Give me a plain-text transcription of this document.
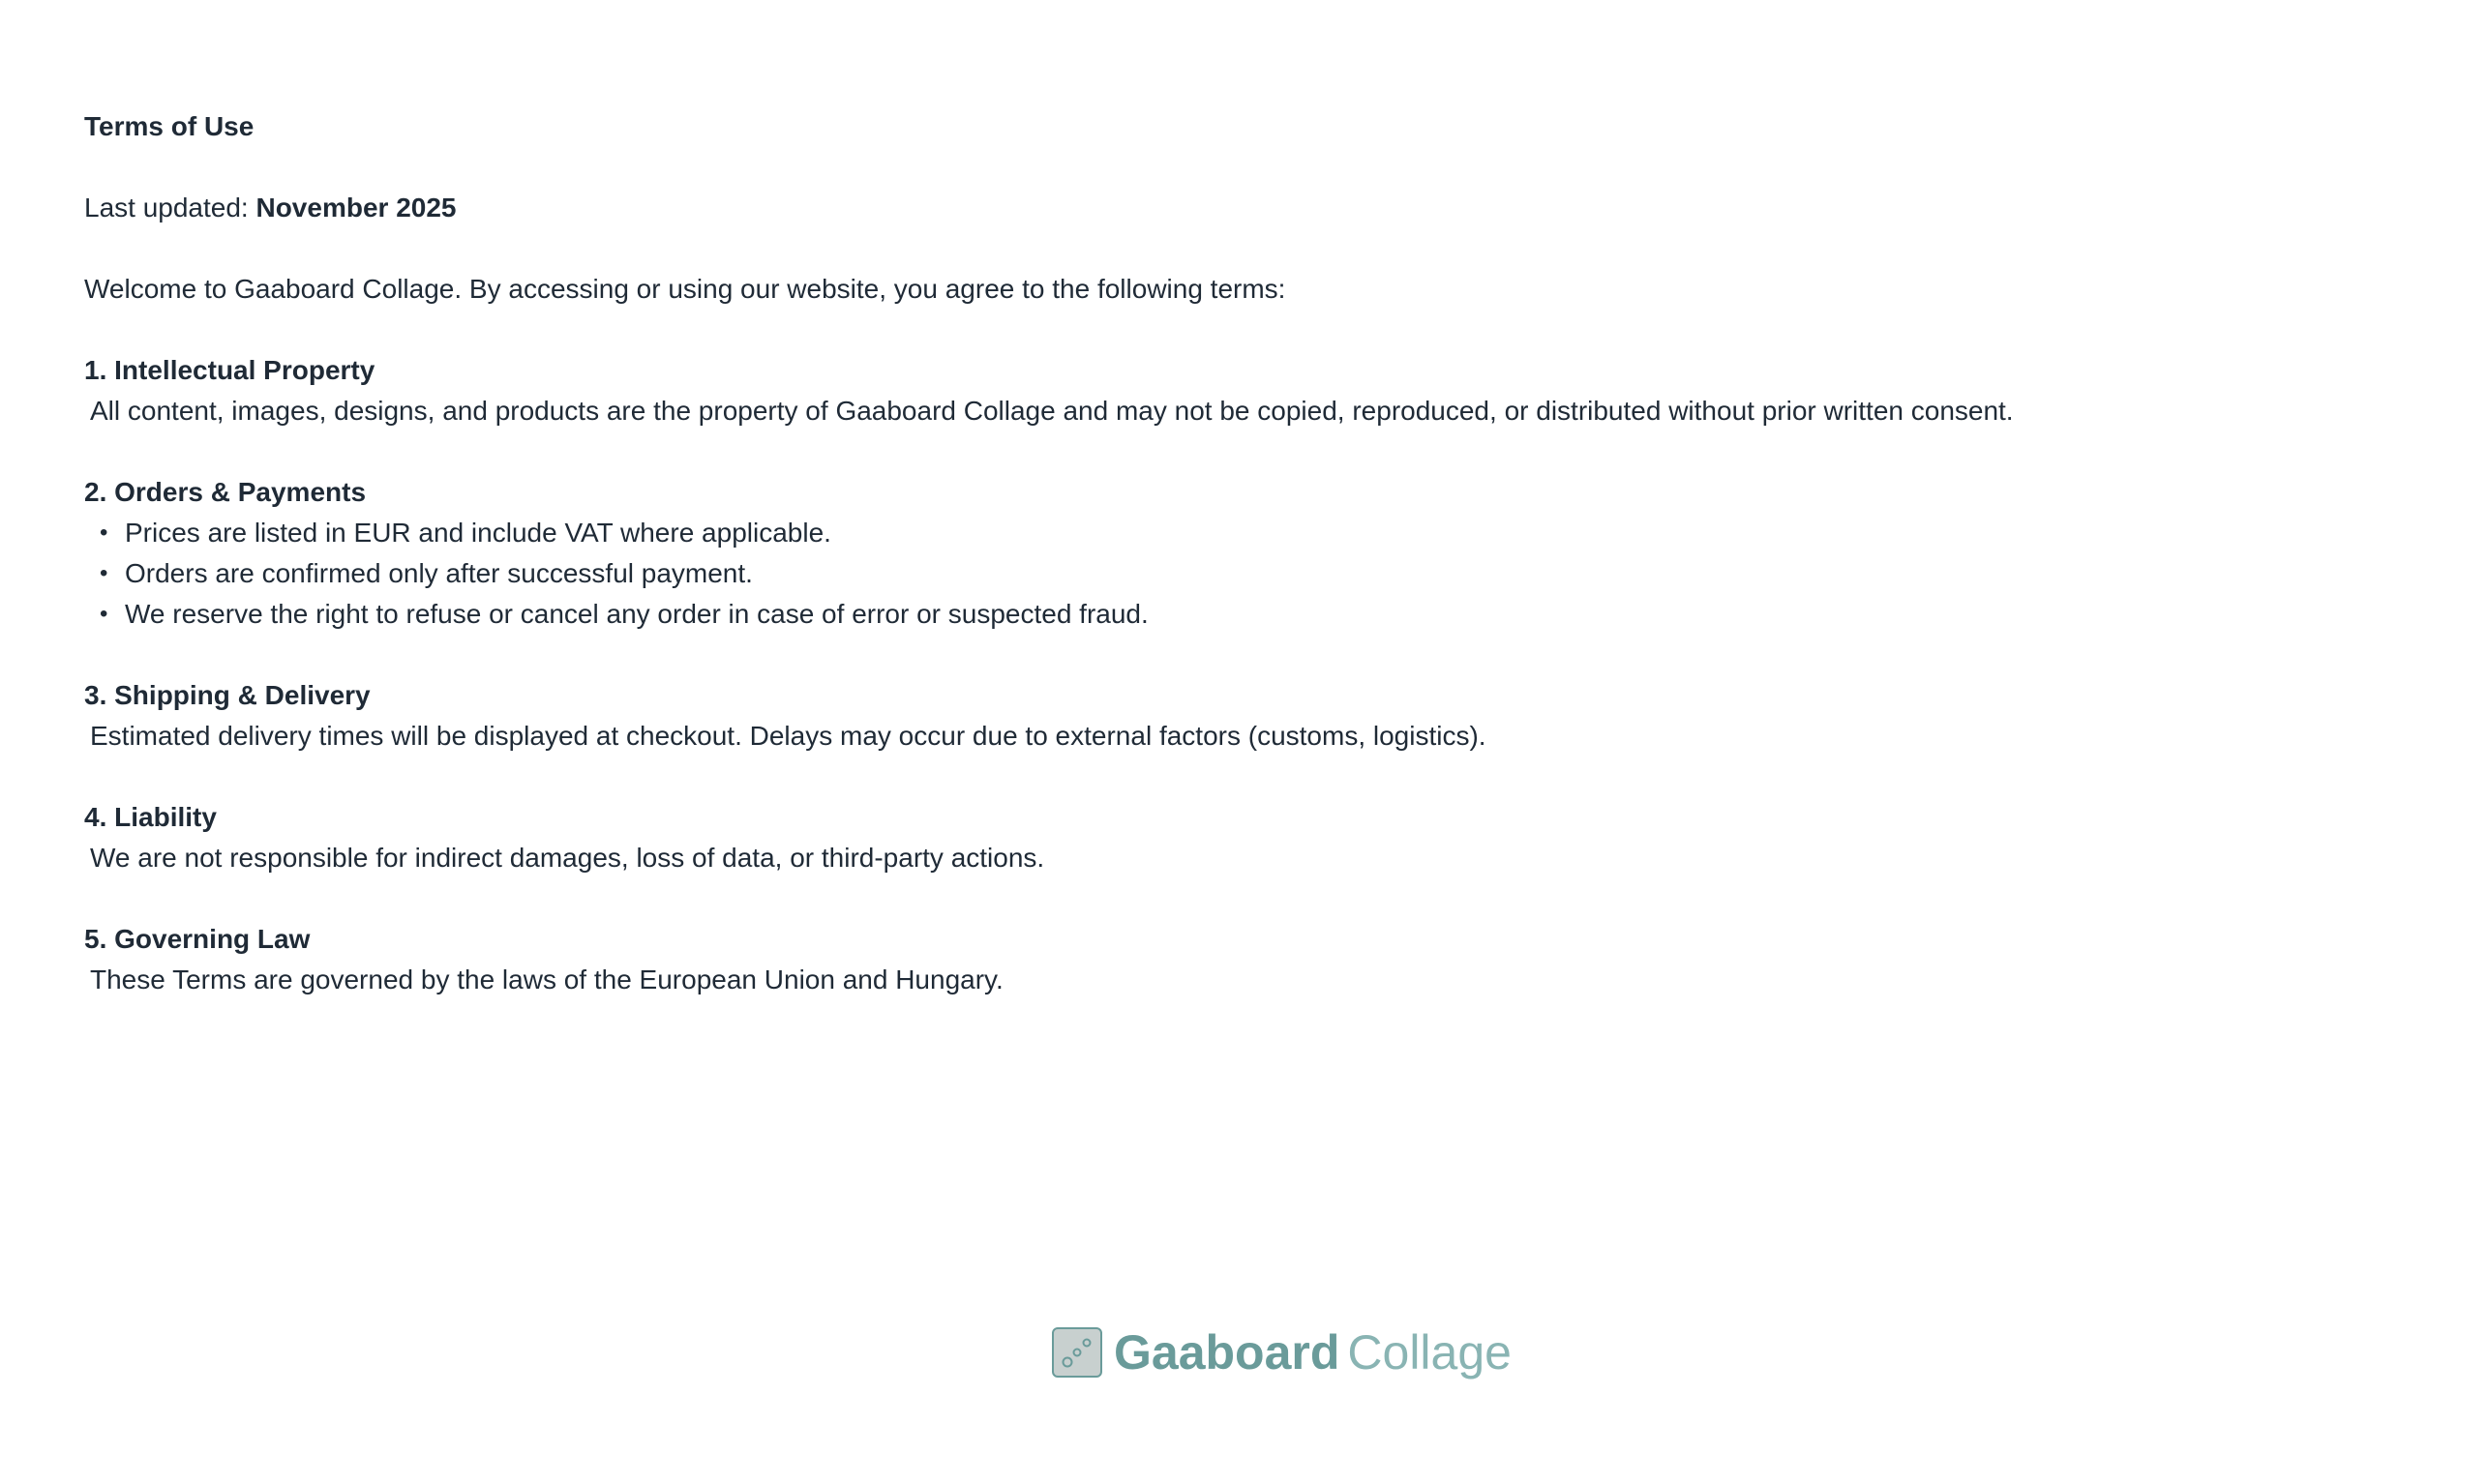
Terms of Use

Last updated: November 2025

Welcome to Gaaboard Collage. By accessing or using our website, you agree to the following terms:

1. Intellectual Property

All content, images, designs, and products are the property of Gaaboard Collage and may not be copied, reproduced, or distributed without prior written consent.

2. Orders & Payments

• Prices are listed in EUR and include VAT where applicable.
• Orders are confirmed only after successful payment.
• We reserve the right to refuse or cancel any order in case of error or suspected fraud.

3. Shipping & Delivery

Estimated delivery times will be displayed at checkout. Delays may occur due to external factors (customs, logistics).

4. Liability

We are not responsible for indirect damages, loss of data, or third-party actions.

5. Governing Law

These Terms are governed by the laws of the European Union and Hungary.

Gaaboard Collage
